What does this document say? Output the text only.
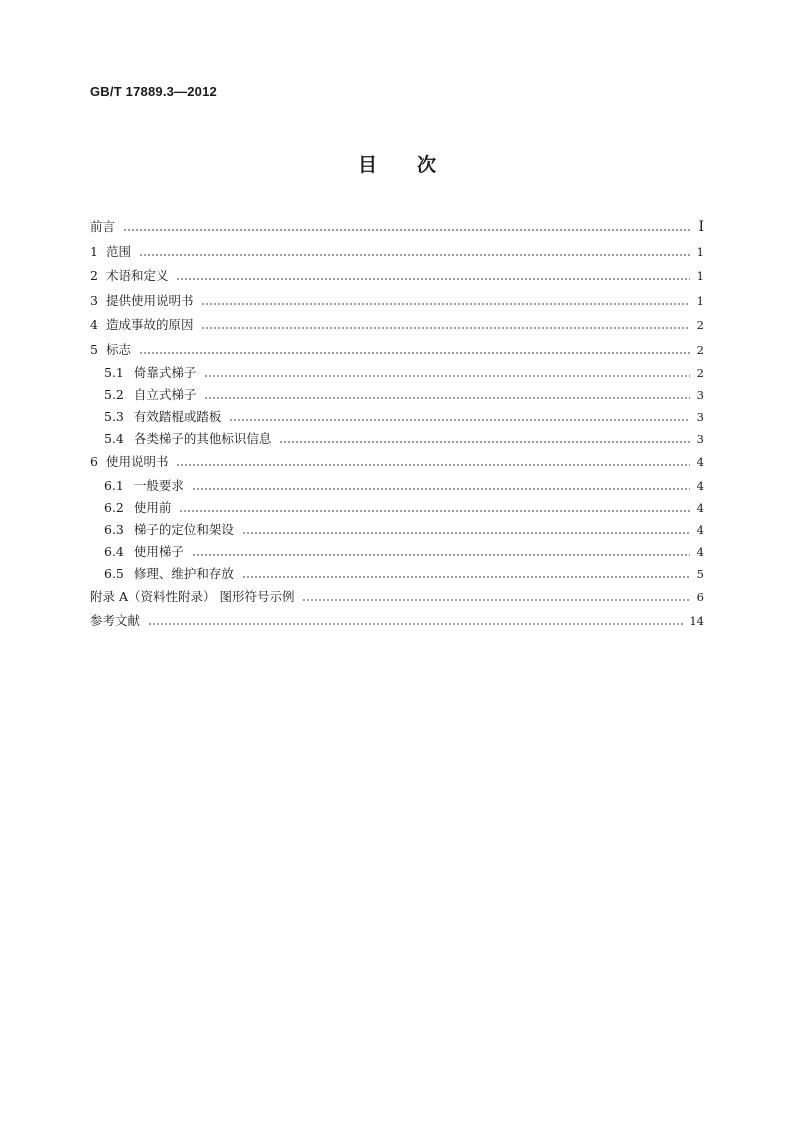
GB/T 17889.3—2012
目 次
前言	Ⅰ
1 范围	1
2 术语和定义	1
3 提供使用说明书	1
4 造成事故的原因	2
5 标志	2
5.1 倚靠式梯子	2
5.2 自立式梯子	3
5.3 有效踏棍或踏板	3
5.4 各类梯子的其他标识信息	3
6 使用说明书	4
6.1 一般要求	4
6.2 使用前	4
6.3 梯子的定位和架设	4
6.4 使用梯子	4
6.5 修理、维护和存放	5
附录 A（资料性附录） 图形符号示例	6
参考文献	14
